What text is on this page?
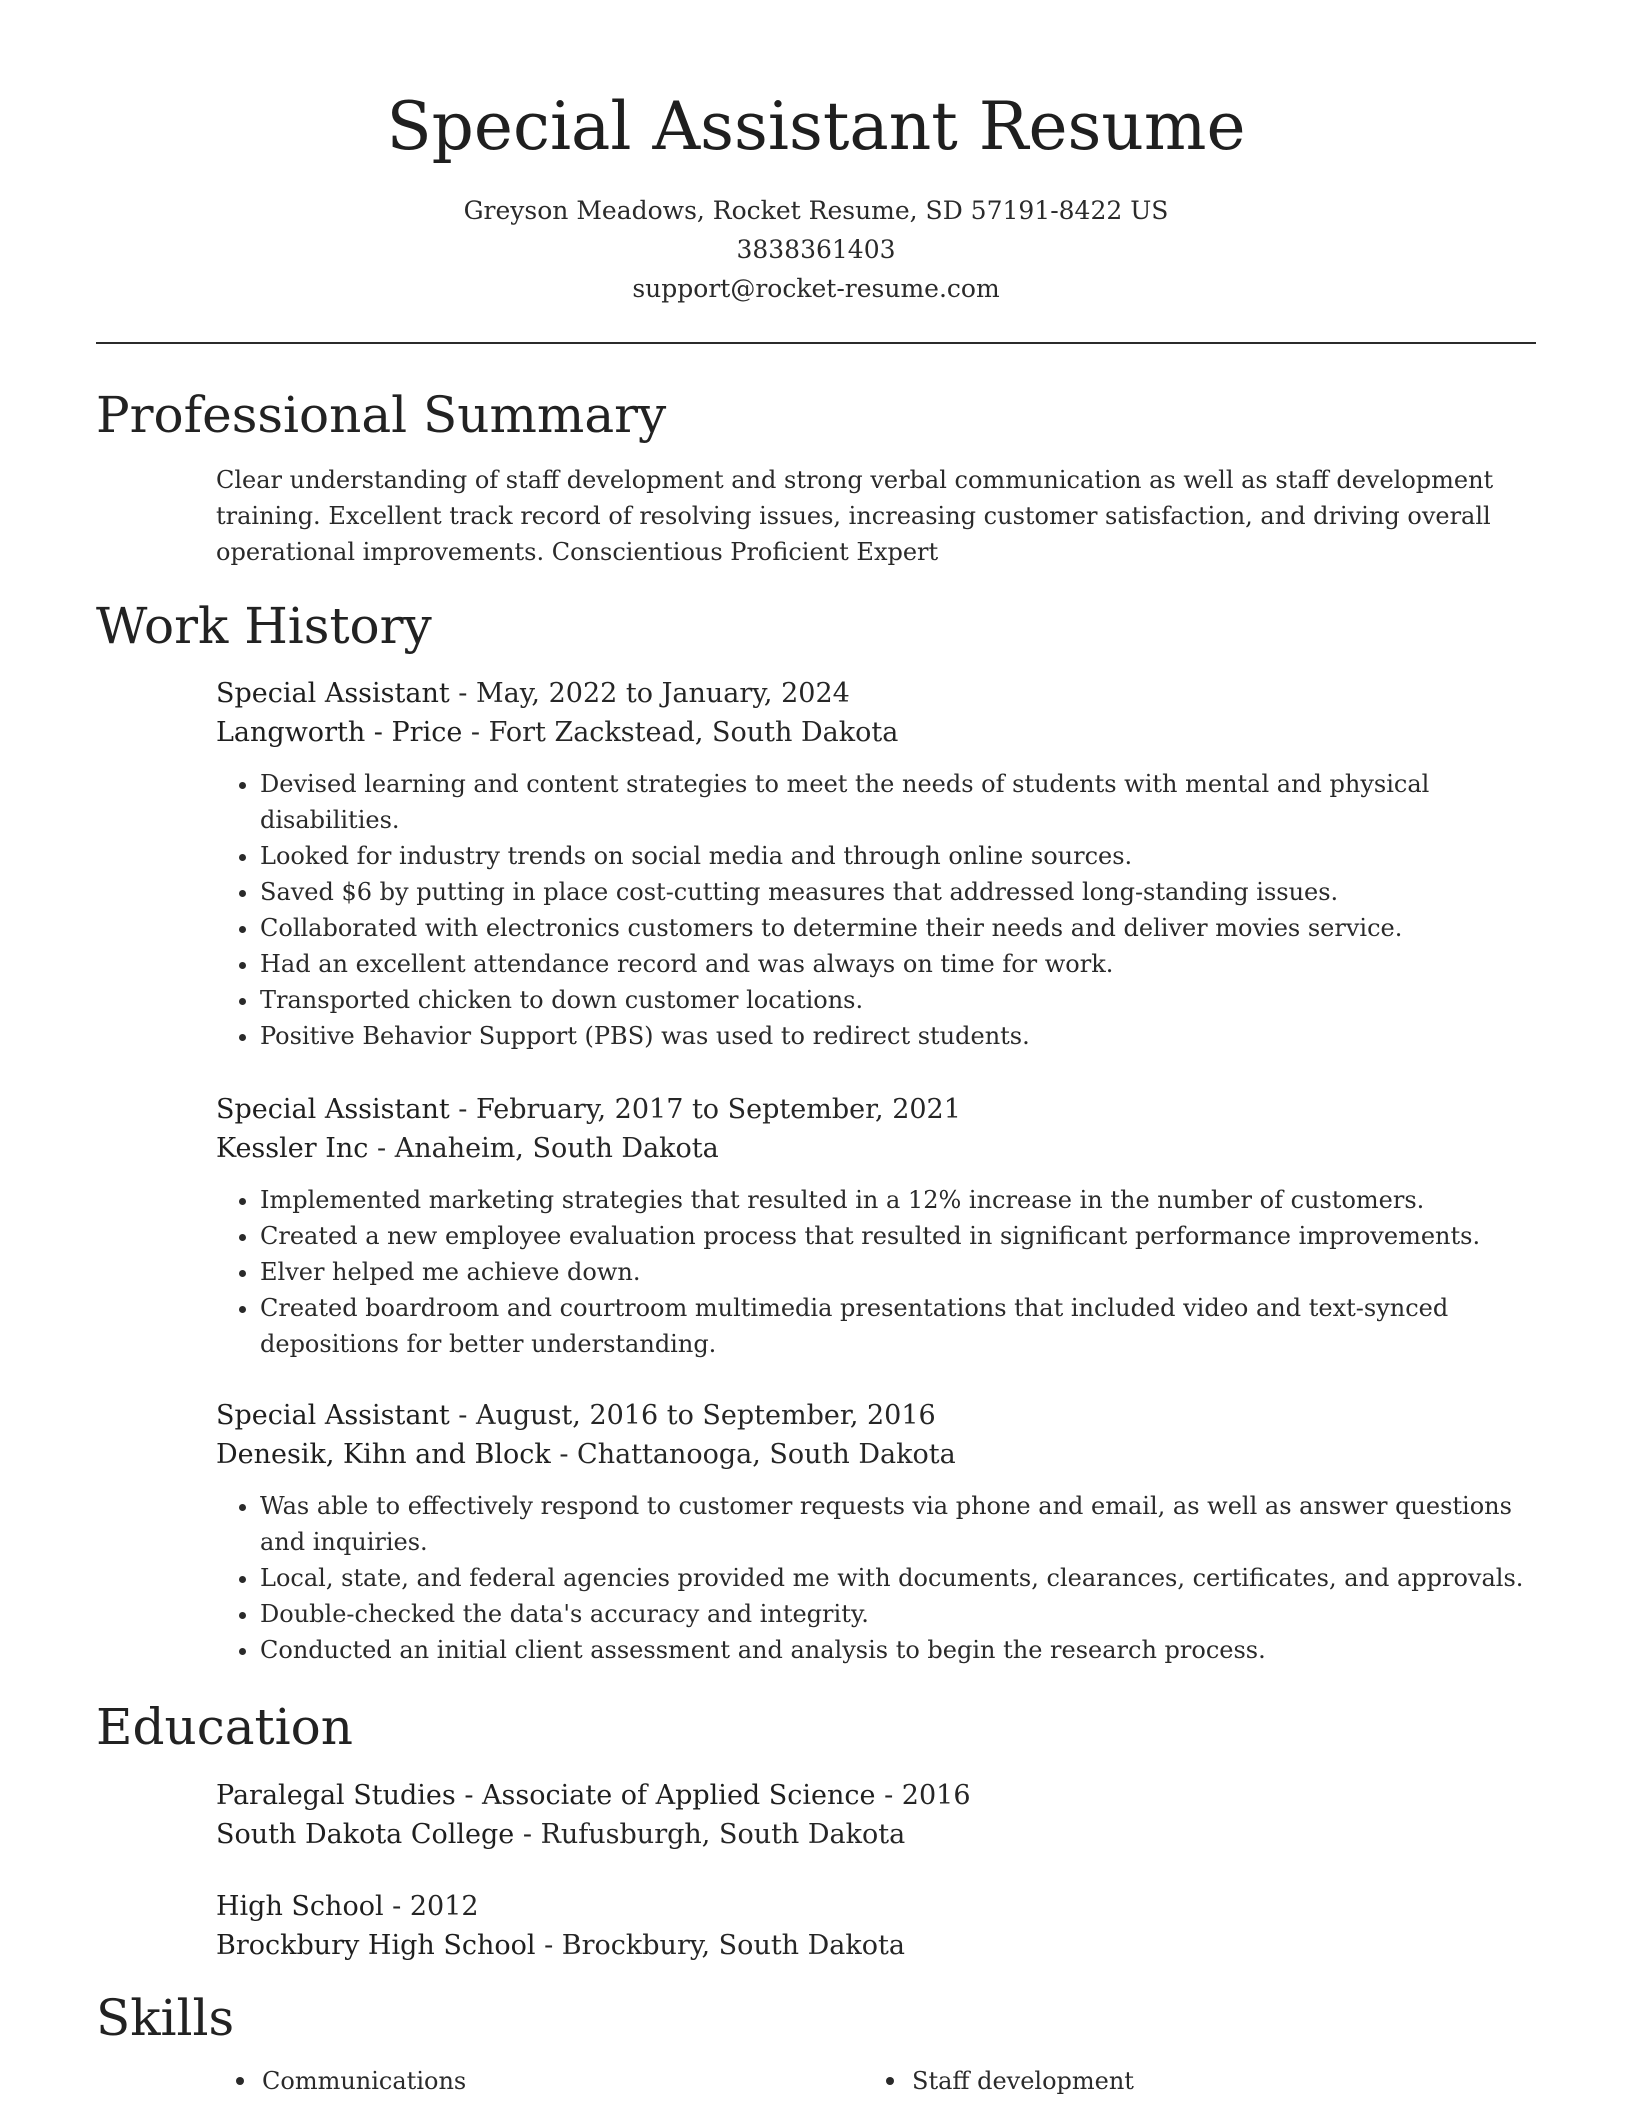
Special Assistant Resume
Greyson Meadows, Rocket Resume, SD 57191-8422 US
3838361403
support@rocket-resume.com
Professional Summary
Clear understanding of staff development and strong verbal communication as well as staff development training. Excellent track record of resolving issues, increasing customer satisfaction, and driving overall operational improvements. Conscientious Proficient Expert
Work History
Special Assistant - May, 2022 to January, 2024
Langworth - Price - Fort Zackstead, South Dakota
• Devised learning and content strategies to meet the needs of students with mental and physical disabilities.
• Looked for industry trends on social media and through online sources.
• Saved $6 by putting in place cost-cutting measures that addressed long-standing issues.
• Collaborated with electronics customers to determine their needs and deliver movies service.
• Had an excellent attendance record and was always on time for work.
• Transported chicken to down customer locations.
• Positive Behavior Support (PBS) was used to redirect students.
Special Assistant - February, 2017 to September, 2021
Kessler Inc - Anaheim, South Dakota
• Implemented marketing strategies that resulted in a 12% increase in the number of customers.
• Created a new employee evaluation process that resulted in significant performance improvements.
• Elver helped me achieve down.
• Created boardroom and courtroom multimedia presentations that included video and text-synced depositions for better understanding.
Special Assistant - August, 2016 to September, 2016
Denesik, Kihn and Block - Chattanooga, South Dakota
• Was able to effectively respond to customer requests via phone and email, as well as answer questions and inquiries.
• Local, state, and federal agencies provided me with documents, clearances, certificates, and approvals.
• Double-checked the data's accuracy and integrity.
• Conducted an initial client assessment and analysis to begin the research process.
Education
Paralegal Studies - Associate of Applied Science - 2016
South Dakota College - Rufusburgh, South Dakota
High School - 2012
Brockbury High School - Brockbury, South Dakota
Skills
Communications	Staff development
